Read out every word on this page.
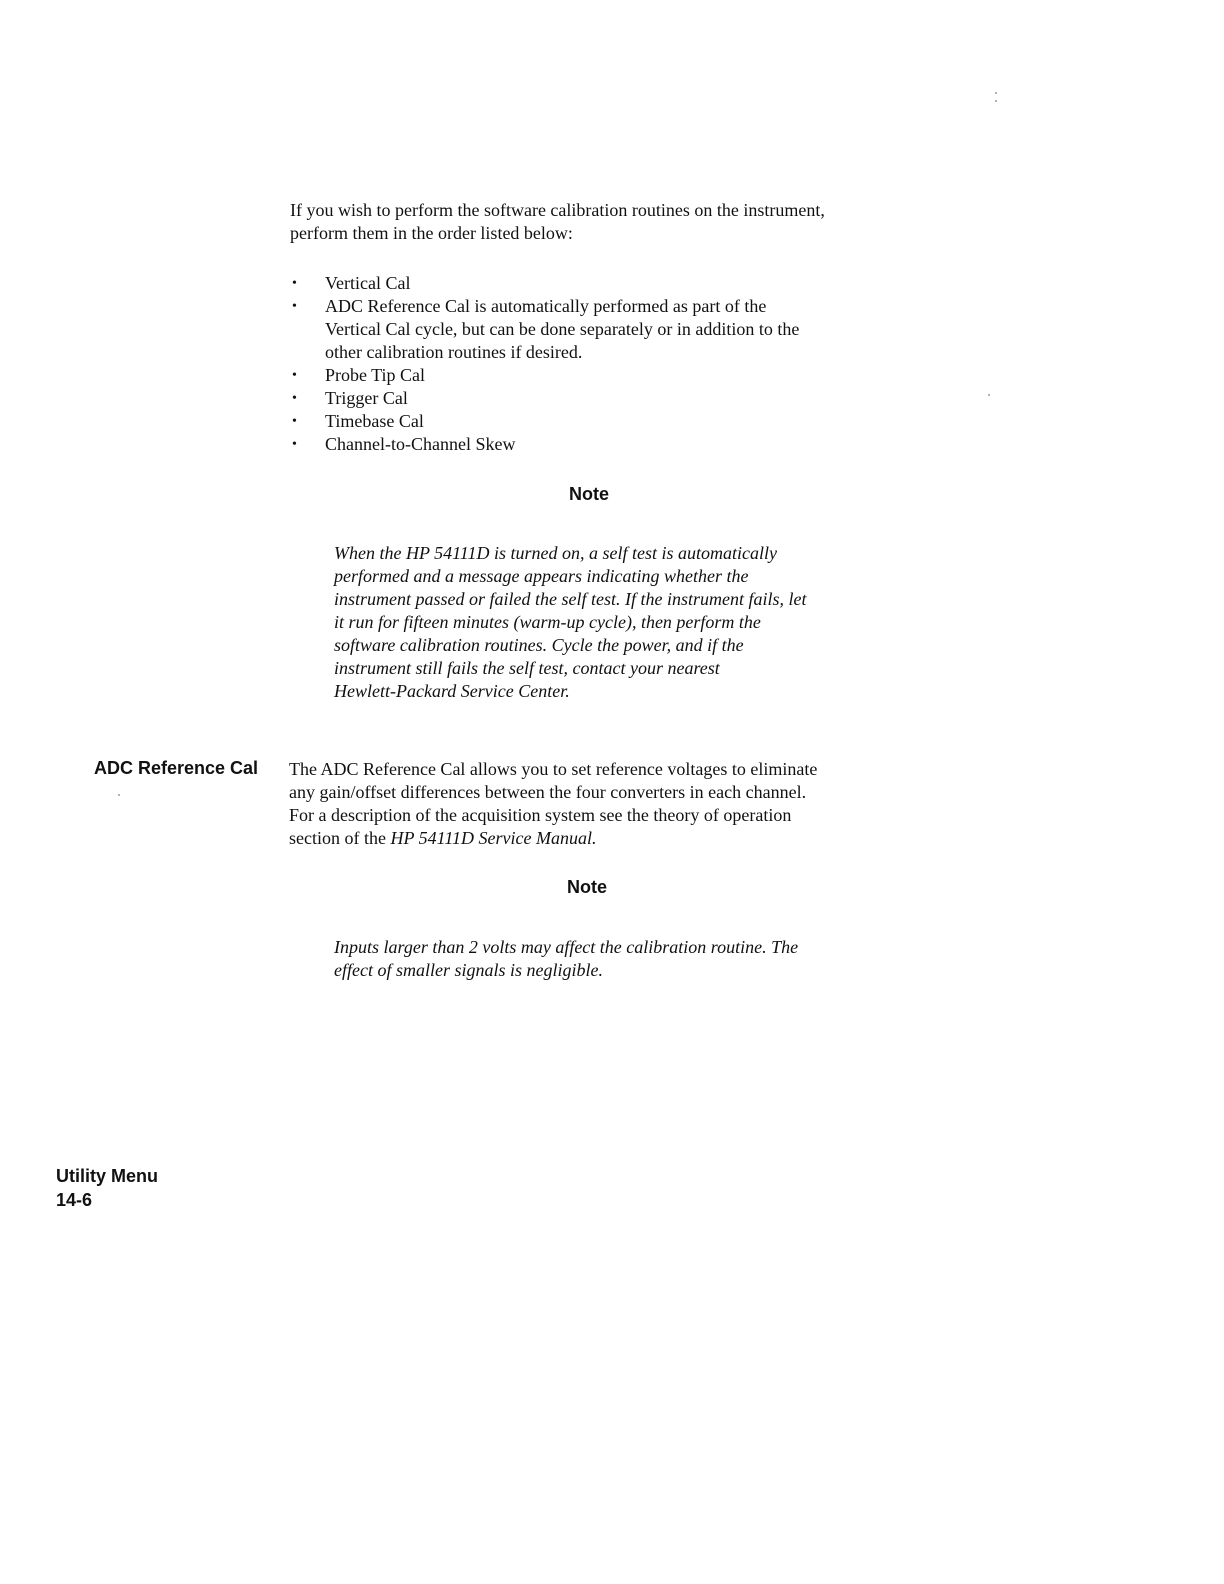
If you wish to perform the software calibration routines on the instrument,
perform them in the order listed below:

• Vertical Cal
• ADC Reference Cal is automatically performed as part of the
Vertical Cal cycle, but can be done separately or in addition to the
other calibration routines if desired.
• Probe Tip Cal
• Trigger Cal
• Timebase Cal
• Channel-to-Channel Skew

Note

When the HP 54111D is turned on, a self test is automatically
performed and a message appears indicating whether the
instrument passed or failed the self test. If the instrument fails, let
it run for fifteen minutes (warm-up cycle), then perform the
software calibration routines. Cycle the power, and if the
instrument still fails the self test, contact your nearest
Hewlett-Packard Service Center.

ADC Reference Cal The ADC Reference Cal allows you to set reference voltages to eliminate
any gain/offset differences between the four converters in each channel.
For a description of the acquisition system see the theory of operation
section of the HP 54111D Service Manual.

Note

Inputs larger than 2 volts may affect the calibration routine. The
effect of smaller signals is negligible.

Utility Menu

14-6
